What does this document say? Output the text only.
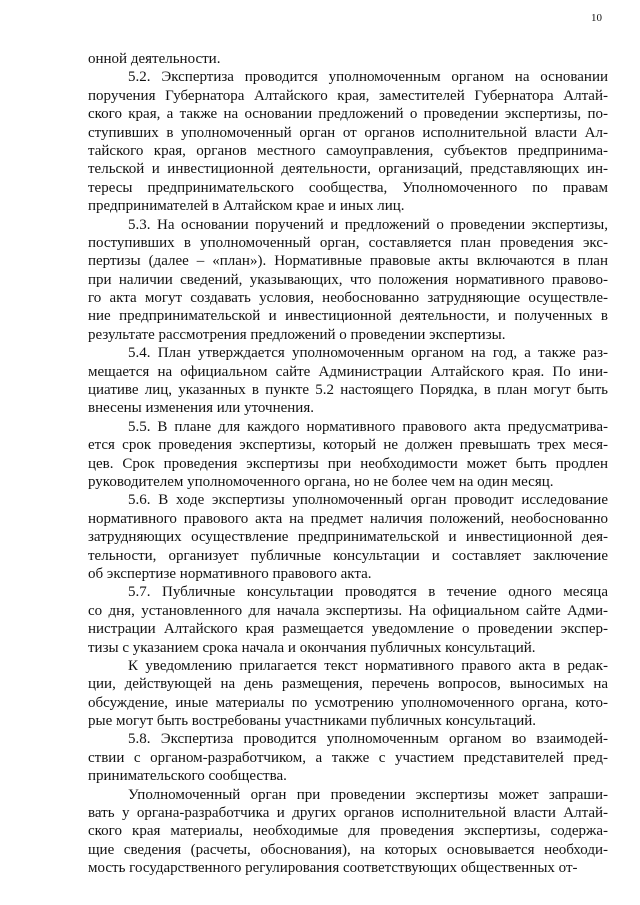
10
онной деятельности.
5.2. Экспертиза проводится уполномоченным органом на основании
поручения Губернатора Алтайского края, заместителей Губернатора Алтай-
ского края, а также на основании предложений о проведении экспертизы, по-
ступивших в уполномоченный орган от органов исполнительной власти Ал-
тайского края, органов местного самоуправления, субъектов предпринима-
тельской и инвестиционной деятельности, организаций, представляющих ин-
тересы предпринимательского сообщества, Уполномоченного по правам
предпринимателей в Алтайском крае и иных лиц.
5.3. На основании поручений и предложений о проведении экспертизы,
поступивших в уполномоченный орган, составляется план проведения экс-
пертизы (далее – «план»). Нормативные правовые акты включаются в план
при наличии сведений, указывающих, что положения нормативного правово-
го акта могут создавать условия, необоснованно затрудняющие осуществле-
ние предпринимательской и инвестиционной деятельности, и полученных в
результате рассмотрения предложений о проведении экспертизы.
5.4. План утверждается уполномоченным органом на год, а также раз-
мещается на официальном сайте Администрации Алтайского края. По ини-
циативе лиц, указанных в пункте 5.2 настоящего Порядка, в план могут быть
внесены изменения или уточнения.
5.5. В плане для каждого нормативного правового акта предусматрива-
ется срок проведения экспертизы, который не должен превышать трех меся-
цев. Срок проведения экспертизы при необходимости может быть продлен
руководителем уполномоченного органа, но не более чем на один месяц.
5.6. В ходе экспертизы уполномоченный орган проводит исследование
нормативного правового акта на предмет наличия положений, необоснованно
затрудняющих осуществление предпринимательской и инвестиционной дея-
тельности, организует публичные консультации и составляет заключение
об экспертизе нормативного правового акта.
5.7. Публичные консультации проводятся в течение одного месяца
со дня, установленного для начала экспертизы. На официальном сайте Адми-
нистрации Алтайского края размещается уведомление о проведении экспер-
тизы с указанием срока начала и окончания публичных консультаций.
К уведомлению прилагается текст нормативного правого акта в редак-
ции, действующей на день размещения, перечень вопросов, выносимых на
обсуждение, иные материалы по усмотрению уполномоченного органа, кото-
рые могут быть востребованы участниками публичных консультаций.
5.8. Экспертиза проводится уполномоченным органом во взаимодей-
ствии с органом-разработчиком, а также с участием представителей пред-
принимательского сообщества.
Уполномоченный орган при проведении экспертизы может запраши-
вать у органа-разработчика и других органов исполнительной власти Алтай-
ского края материалы, необходимые для проведения экспертизы, содержа-
щие сведения (расчеты, обоснования), на которых основывается необходи-
мость государственного регулирования соответствующих общественных от-
